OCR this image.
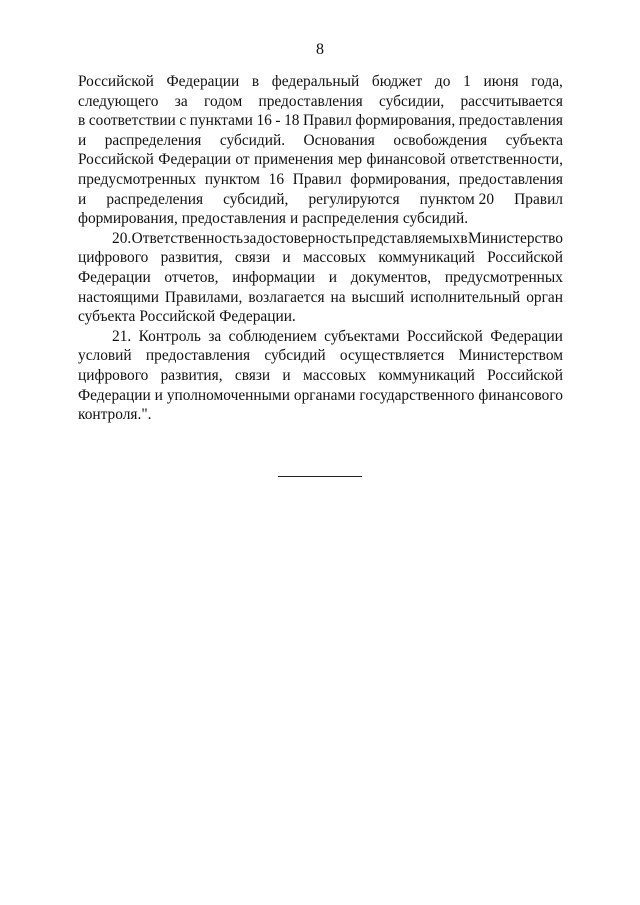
8
Российской Федерации в федеральный бюджет до 1 июня года,
следующего за годом предоставления субсидии, рассчитывается
в соответствии с пунктами 16 - 18 Правил формирования, предоставления
и распределения субсидий. Основания освобождения субъекта
Российской Федерации от применения мер финансовой ответственности,
предусмотренных пунктом 16 Правил формирования, предоставления
и распределения субсидий, регулируются пунктом 20 Правил
формирования, предоставления и распределения субсидий.
20. Ответственность за достоверность представляемых в Министерство
цифрового развития, связи и массовых коммуникаций Российской
Федерации отчетов, информации и документов, предусмотренных
настоящими Правилами, возлагается на высший исполнительный орган
субъекта Российской Федерации.
21. Контроль за соблюдением субъектами Российской Федерации
условий предоставления субсидий осуществляется Министерством
цифрового развития, связи и массовых коммуникаций Российской
Федерации и уполномоченными органами государственного финансового
контроля.".
